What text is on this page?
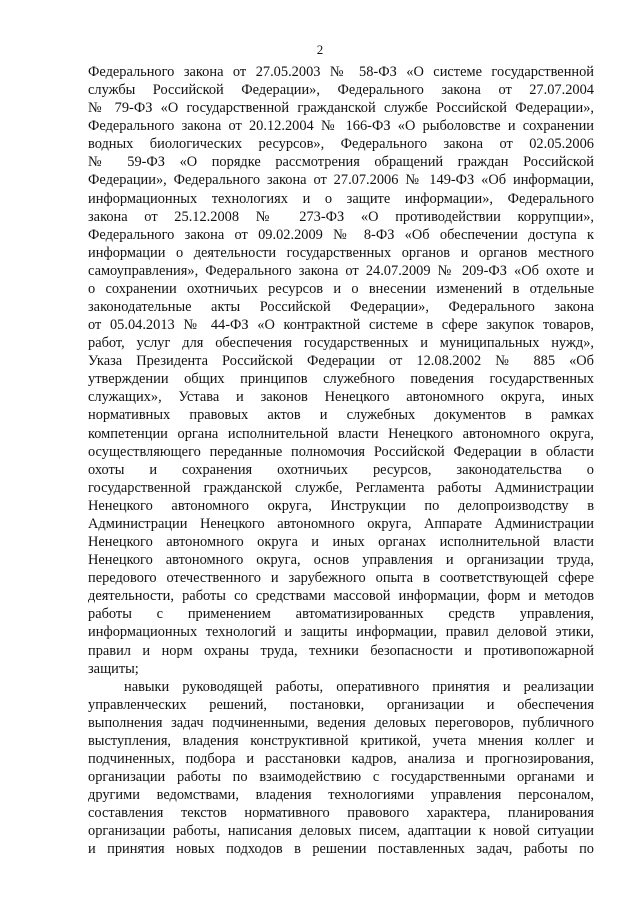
2
Федерального закона от 27.05.2003 № 58-ФЗ «О системе государственной
службы Российской Федерации», Федерального закона от 27.07.2004
№ 79-ФЗ «О государственной гражданской службе Российской Федерации»,
Федерального закона от 20.12.2004 № 166-ФЗ «О рыболовстве и сохранении
водных биологических ресурсов», Федерального закона от 02.05.2006
№ 59-ФЗ «О порядке рассмотрения обращений граждан Российской
Федерации», Федерального закона от 27.07.2006 № 149-ФЗ «Об информации,
информационных технологиях и о защите информации», Федерального
закона от 25.12.2008 № 273-ФЗ «О противодействии коррупции»,
Федерального закона от 09.02.2009 № 8-ФЗ «Об обеспечении доступа к
информации о деятельности государственных органов и органов местного
самоуправления», Федерального закона от 24.07.2009 № 209-ФЗ «Об охоте и
о сохранении охотничьих ресурсов и о внесении изменений в отдельные
законодательные акты Российской Федерации», Федерального закона
от 05.04.2013 № 44-ФЗ «О контрактной системе в сфере закупок товаров,
работ, услуг для обеспечения государственных и муниципальных нужд»,
Указа Президента Российской Федерации от 12.08.2002 № 885 «Об
утверждении общих принципов служебного поведения государственных
служащих», Устава и законов Ненецкого автономного округа, иных
нормативных правовых актов и служебных документов в рамках
компетенции органа исполнительной власти Ненецкого автономного округа,
осуществляющего переданные полномочия Российской Федерации в области
охоты и сохранения охотничьих ресурсов, законодательства о
государственной гражданской службе, Регламента работы Администрации
Ненецкого автономного округа, Инструкции по делопроизводству в
Администрации Ненецкого автономного округа, Аппарате Администрации
Ненецкого автономного округа и иных органах исполнительной власти
Ненецкого автономного округа, основ управления и организации труда,
передового отечественного и зарубежного опыта в соответствующей сфере
деятельности, работы со средствами массовой информации, форм и методов
работы с применением автоматизированных средств управления,
информационных технологий и защиты информации, правил деловой этики,
правил и норм охраны труда, техники безопасности и противопожарной
защиты;
навыки руководящей работы, оперативного принятия и реализации
управленческих решений, постановки, организации и обеспечения
выполнения задач подчиненными, ведения деловых переговоров, публичного
выступления, владения конструктивной критикой, учета мнения коллег и
подчиненных, подбора и расстановки кадров, анализа и прогнозирования,
организации работы по взаимодействию с государственными органами и
другими ведомствами, владения технологиями управления персоналом,
составления текстов нормативного правового характера, планирования
организации работы, написания деловых писем, адаптации к новой ситуации
и принятия новых подходов в решении поставленных задач, работы по
